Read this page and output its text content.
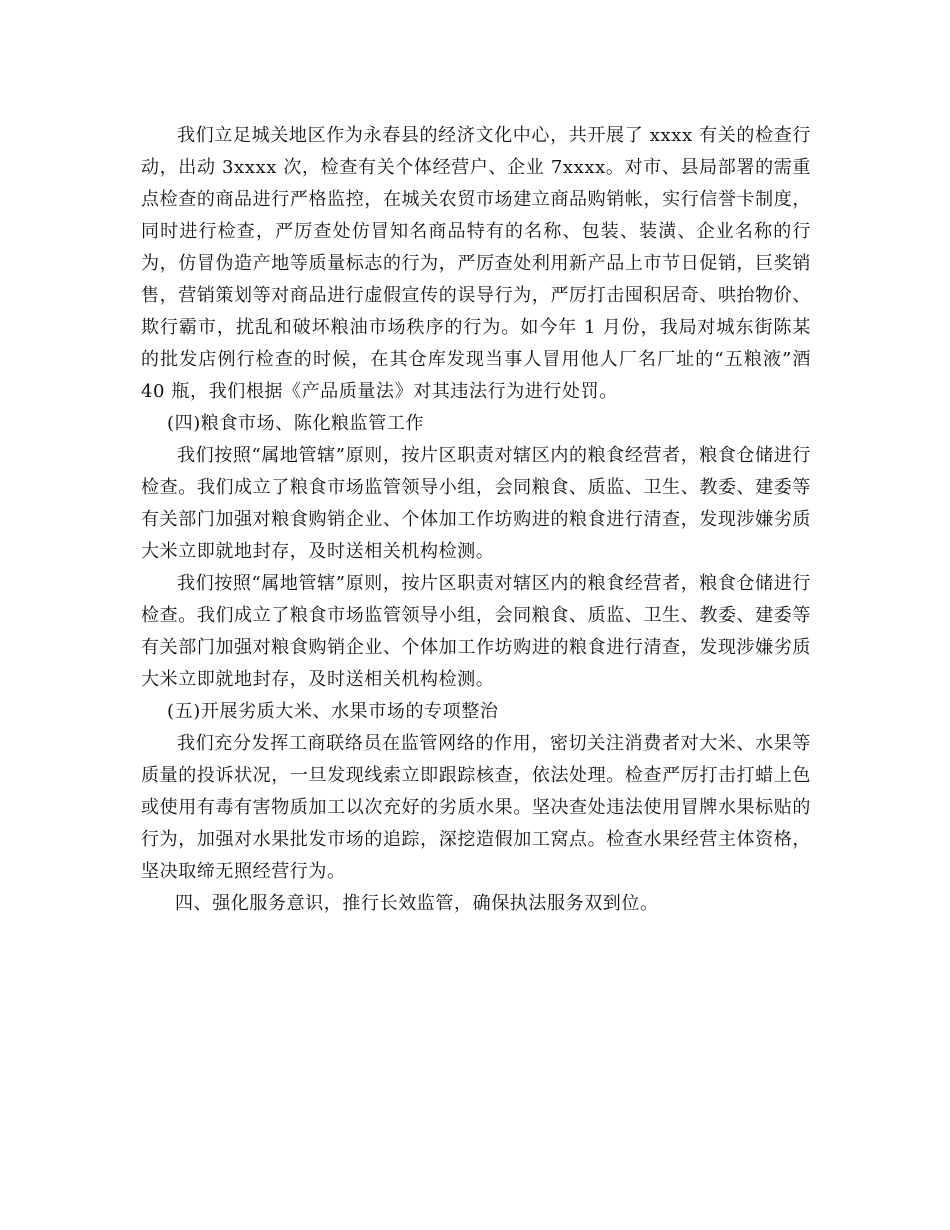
我们立足城关地区作为永春县的经济文化中心，共开展了 xxxx 有关的检查行动，出动 3xxxx 次，检查有关个体经营户、企业 7xxxx。对市、县局部署的需重点检查的商品进行严格监控，在城关农贸市场建立商品购销帐，实行信誉卡制度，同时进行检查，严厉查处仿冒知名商品特有的名称、包装、装潢、企业名称的行为，仿冒伪造产地等质量标志的行为，严厉查处利用新产品上市节日促销，巨奖销售，营销策划等对商品进行虚假宣传的误导行为，严厉打击囤积居奇、哄抬物价、欺行霸市，扰乱和破坏粮油市场秩序的行为。如今年 1 月份，我局对城东街陈某的批发店例行检查的时候，在其仓库发现当事人冒用他人厂名厂址的“五粮液”酒 40 瓶，我们根据《产品质量法》对其违法行为进行处罚。

(四)粮食市场、陈化粮监管工作

我们按照“属地管辖”原则，按片区职责对辖区内的粮食经营者，粮食仓储进行检查。我们成立了粮食市场监管领导小组，会同粮食、质监、卫生、教委、建委等有关部门加强对粮食购销企业、个体加工作坊购进的粮食进行清查，发现涉嫌劣质大米立即就地封存，及时送相关机构检测。

我们按照“属地管辖”原则，按片区职责对辖区内的粮食经营者，粮食仓储进行检查。我们成立了粮食市场监管领导小组，会同粮食、质监、卫生、教委、建委等有关部门加强对粮食购销企业、个体加工作坊购进的粮食进行清查，发现涉嫌劣质大米立即就地封存，及时送相关机构检测。

(五)开展劣质大米、水果市场的专项整治

我们充分发挥工商联络员在监管网络的作用，密切关注消费者对大米、水果等质量的投诉状况，一旦发现线索立即跟踪核查，依法处理。检查严厉打击打蜡上色或使用有毒有害物质加工以次充好的劣质水果。坚决查处违法使用冒牌水果标贴的行为，加强对水果批发市场的追踪，深挖造假加工窝点。检查水果经营主体资格，坚决取缔无照经营行为。

四、强化服务意识，推行长效监管，确保执法服务双到位。
